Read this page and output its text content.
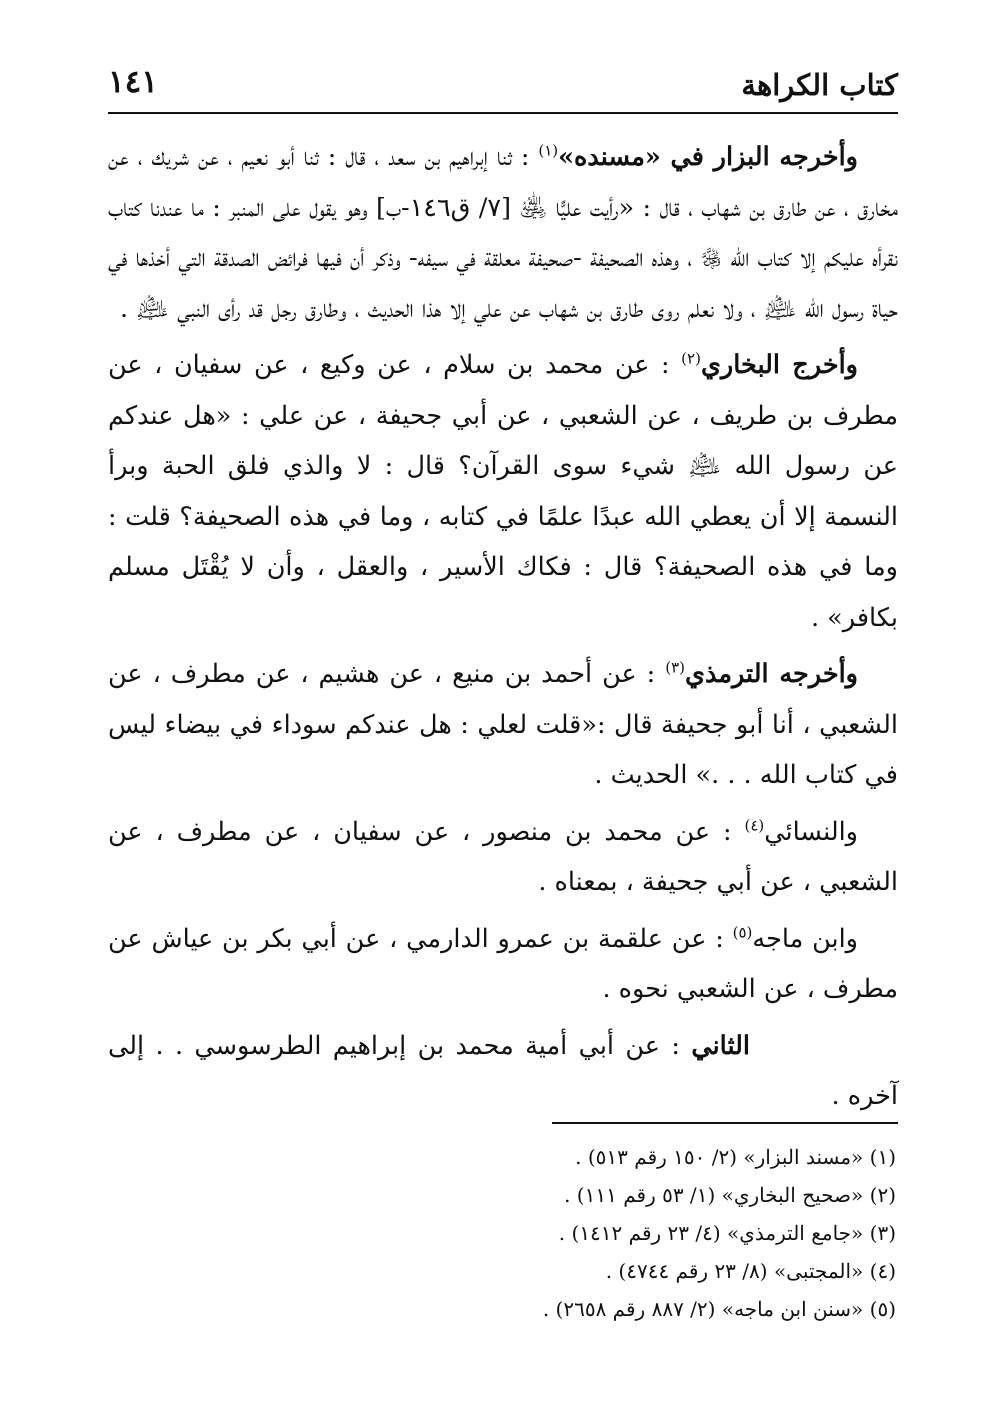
كتاب الكراهة
١٤١

وأخرجه البزار في «مسنده»$^{(١)}$ : ثنا إبراهيم بن سعد ، قال : ثنا أبو نعيم ، عن شريك ، عن مخارق ، عن طارق بن شهاب ، قال : «رأيت عليًّا ﵁ [٧/ ق١٤٦-ب] وهو يقول على المنبر : ما عندنا كتاب نقرأه عليكم إلا كتاب الله ﷿ ، وهذه الصحيفة -صحيفة معلقة في سيفه- وذكر أن فيها فرائض الصدقة التي أخذها في حياة رسول الله ﵇ ، ولا نعلم روى طارق بن شهاب عن علي إلا هذا الحديث ، وطارق رجل قد رأى النبي ﵇ .

وأخرج البخاري$^{(٢)}$ : عن محمد بن سلام ، عن وكيع ، عن سفيان ، عن مطرف بن طريف ، عن الشعبي ، عن أبي جحيفة ، عن علي : «هل عندكم عن رسول الله ﵇ شيء سوى القرآن؟ قال : لا والذي فلق الحبة وبرأ النسمة إلا أن يعطي الله عبدًا علمًا في كتابه ، وما في هذه الصحيفة؟ قلت : وما في هذه الصحيفة؟ قال : فكاك الأسير ، والعقل ، وأن لا يُقْتَل مسلم بكافر» .

وأخرجه الترمذي$^{(٣)}$ : عن أحمد بن منيع ، عن هشيم ، عن مطرف ، عن الشعبي ، أنا أبو جحيفة قال :«قلت لعلي : هل عندكم سوداء في بيضاء ليس في كتاب الله . . .» الحديث .

والنسائي$^{(٤)}$ : عن محمد بن منصور ، عن سفيان ، عن مطرف ، عن الشعبي ، عن أبي جحيفة ، بمعناه .

وابن ماجه$^{(٥)}$ : عن علقمة بن عمرو الدارمي ، عن أبي بكر بن عياش عن مطرف ، عن الشعبي نحوه .

الثاني : عن أبي أمية محمد بن إبراهيم الطرسوسي . . إلى آخره .

(١) «مسند البزار» (٢/ ١٥٠ رقم ٥١٣) .
(٢) «صحيح البخاري» (١/ ٥٣ رقم ١١١) .
(٣) «جامع الترمذي» (٤/ ٢٣ رقم ١٤١٢) .
(٤) «المجتبى» (٨/ ٢٣ رقم ٤٧٤٤) .
(٥) «سنن ابن ماجه» (٢/ ٨٨٧ رقم ٢٦٥٨) .
